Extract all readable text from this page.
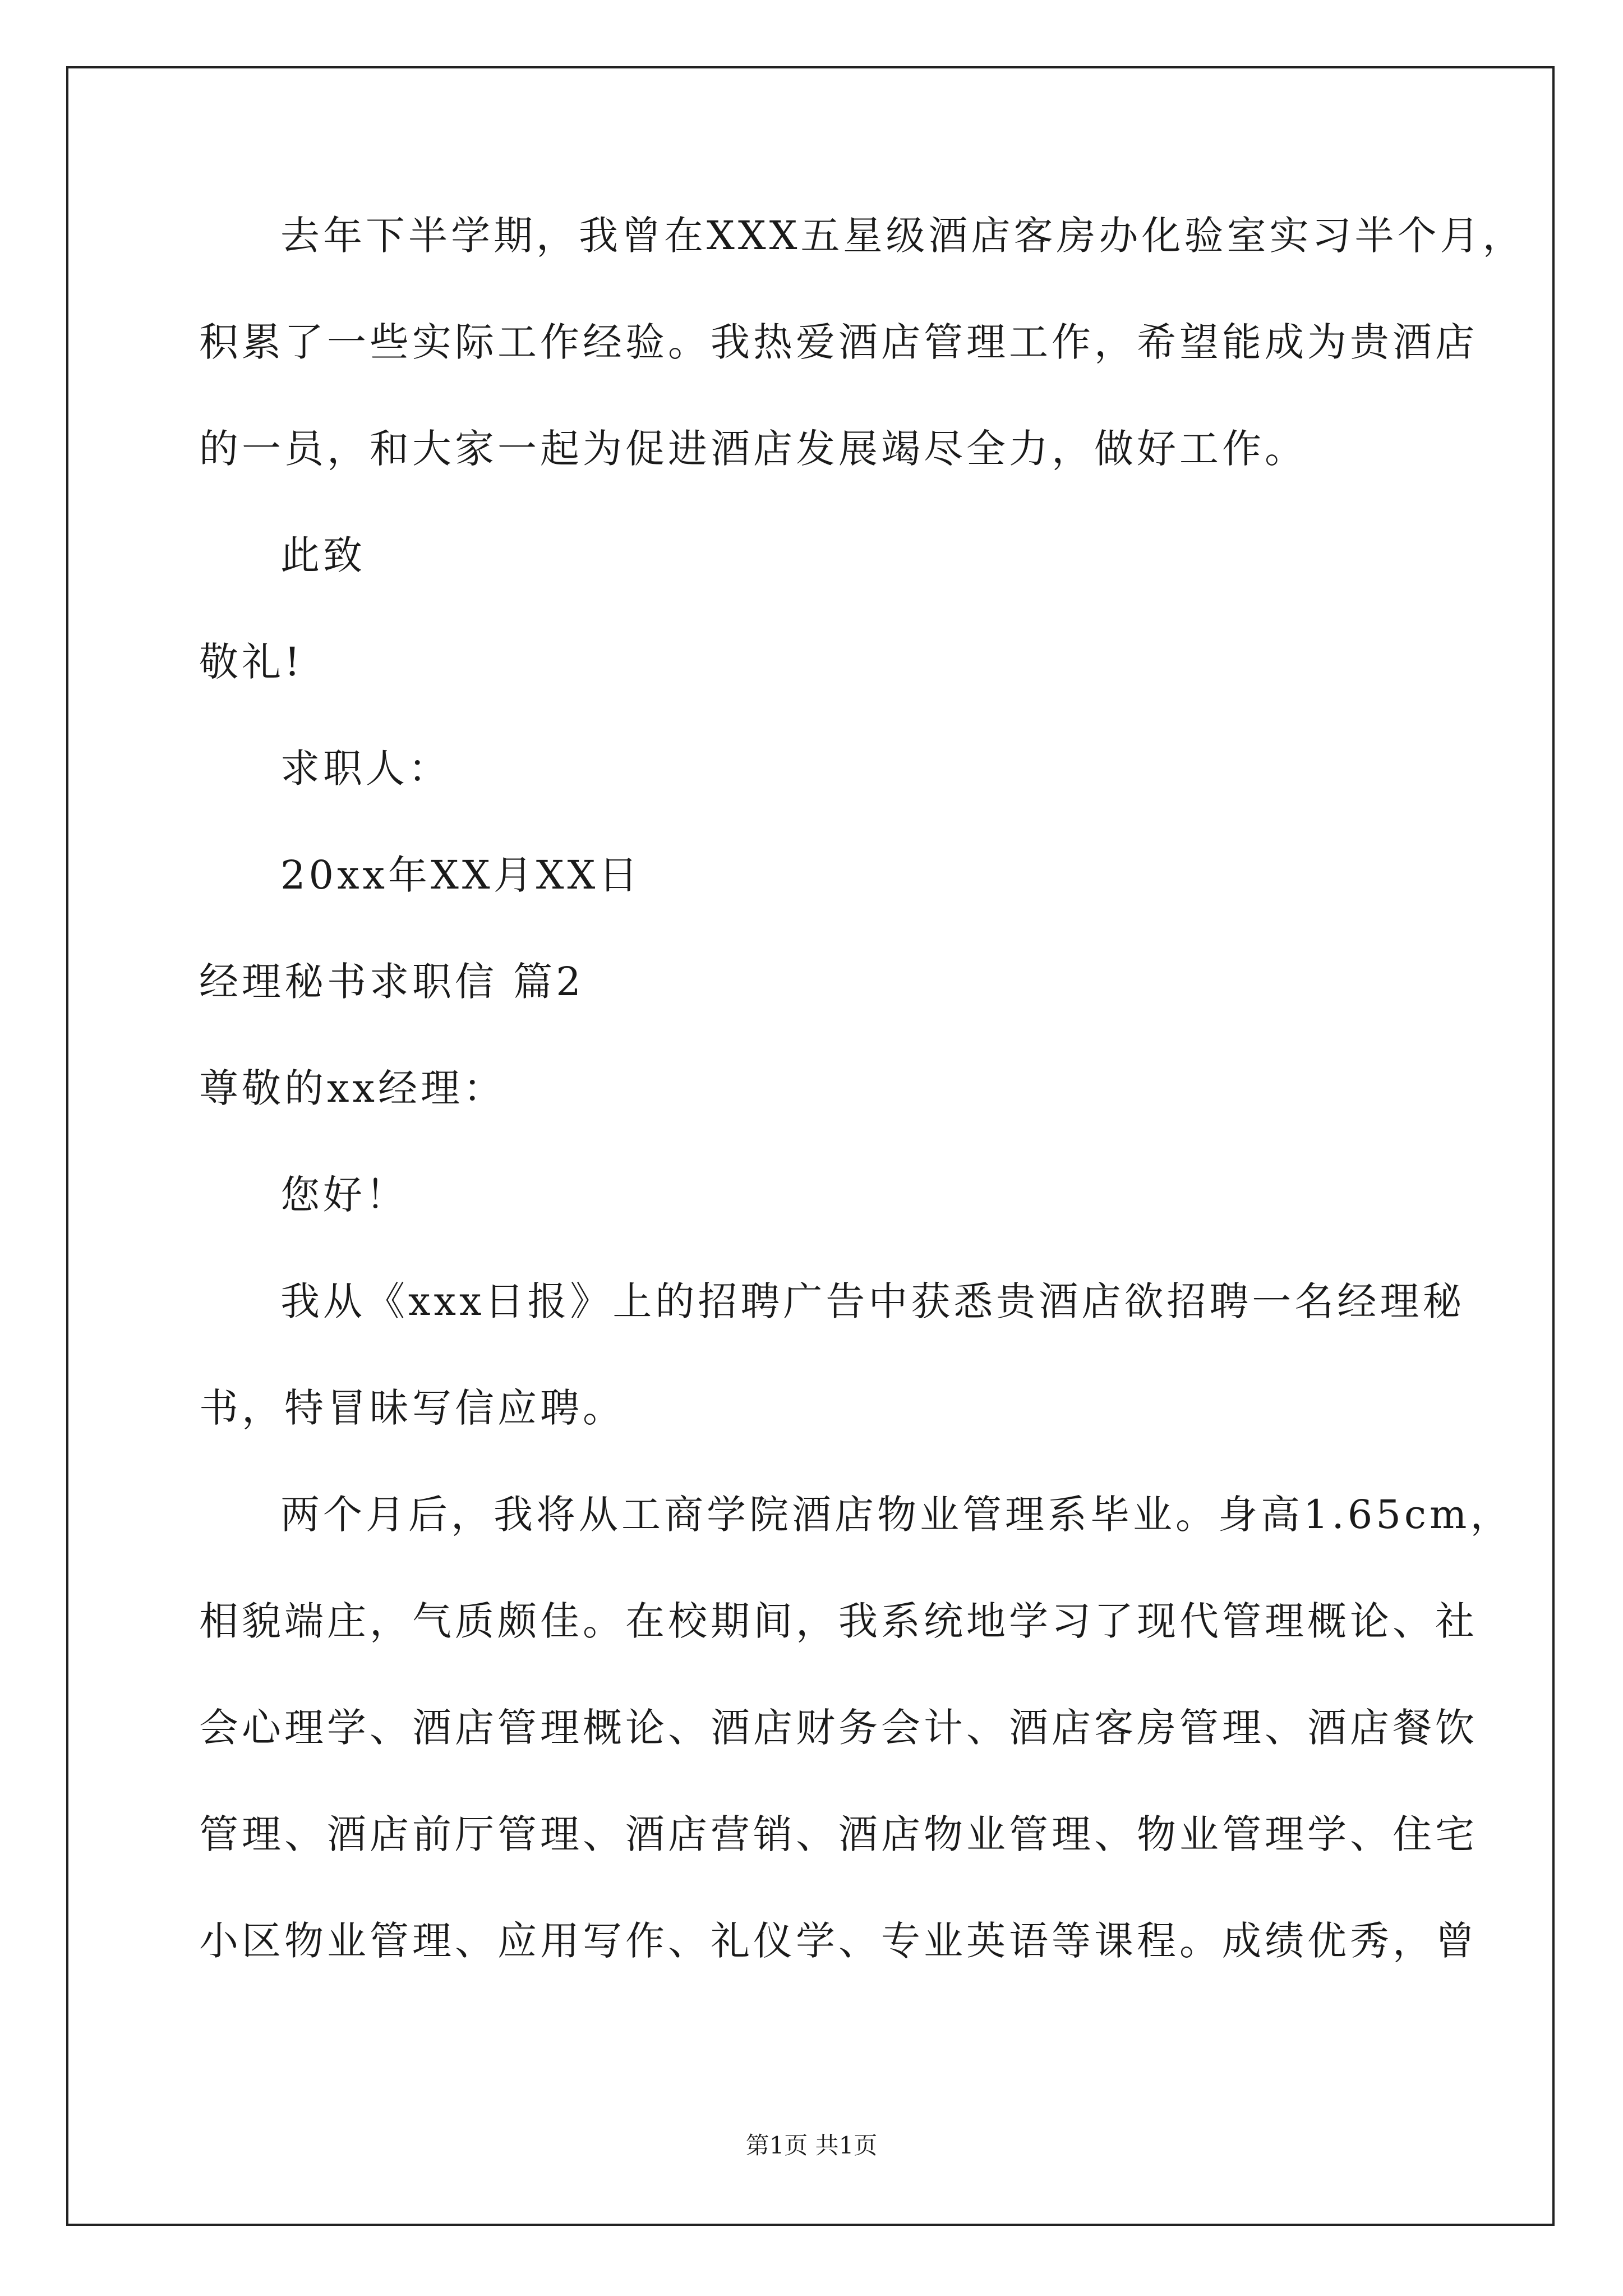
去年下半学期，我曾在XXX五星级酒店客房办化验室实习半个月，

积累了一些实际工作经验。我热爱酒店管理工作，希望能成为贵酒店

的一员，和大家一起为促进酒店发展竭尽全力，做好工作。

此致

敬礼!

求职人：

20xx年XX月XX日

经理秘书求职信 篇2

尊敬的xx经理：

您好！

我从《xxx日报》上的招聘广告中获悉贵酒店欲招聘一名经理秘

书，特冒昧写信应聘。

两个月后，我将从工商学院酒店物业管理系毕业。身高1.65cm，

相貌端庄，气质颇佳。在校期间，我系统地学习了现代管理概论、社

会心理学、酒店管理概论、酒店财务会计、酒店客房管理、酒店餐饮

管理、酒店前厅管理、酒店营销、酒店物业管理、物业管理学、住宅

小区物业管理、应用写作、礼仪学、专业英语等课程。成绩优秀，曾

第1页 共1页
